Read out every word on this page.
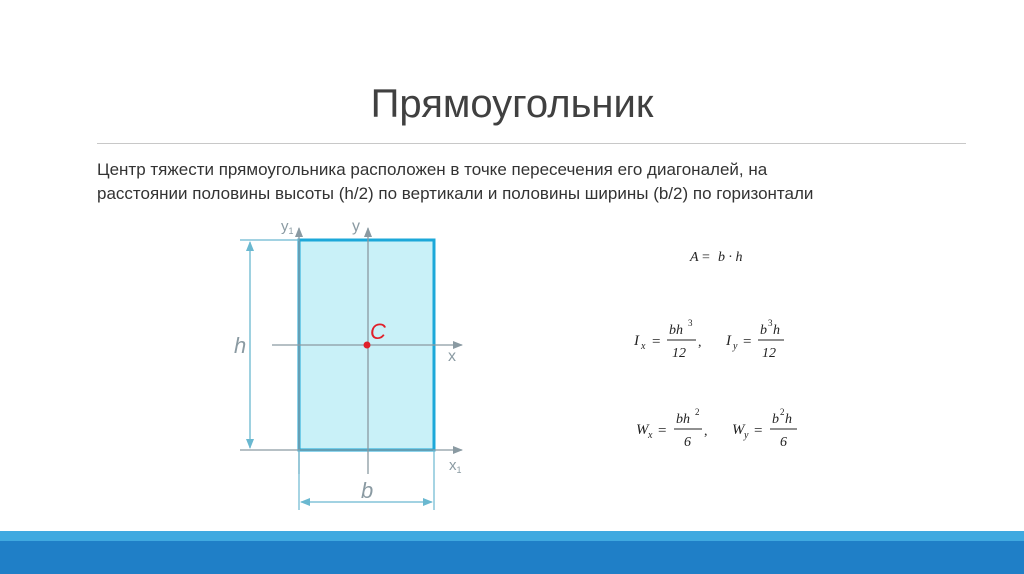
Прямоугольник

Центр тяжести прямоугольника расположен в точке пересечения его диагоналей, на

расстоянии половины высоты (h/2) по вертикали и половины ширины (b/2) по горизонтали

$y_1$	y
x
$x_1$
h
b
C
A = b · h
I x =
bh 3
12
, I y =
b 3 h
12
W x =
bh 2
6
, W y =
b 2 h
6
